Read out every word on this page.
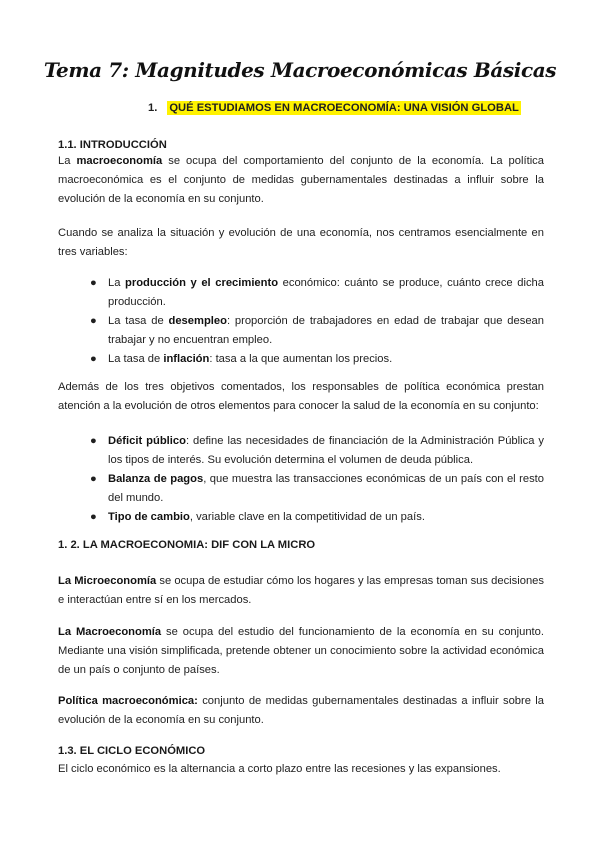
Tema 7: Magnitudes Macroeconómicas Básicas
1. QUÉ ESTUDIAMOS EN MACROECONOMÍA: UNA VISIÓN GLOBAL
1.1. INTRODUCCIÓN
La macroeconomía se ocupa del comportamiento del conjunto de la economía. La política macroeconómica es el conjunto de medidas gubernamentales destinadas a influir sobre la evolución de la economía en su conjunto.
Cuando se analiza la situación y evolución de una economía, nos centramos esencialmente en tres variables:
● La producción y el crecimiento económico: cuánto se produce, cuánto crece dicha producción.
● La tasa de desempleo: proporción de trabajadores en edad de trabajar que desean trabajar y no encuentran empleo.
● La tasa de inflación: tasa a la que aumentan los precios.
Además de los tres objetivos comentados, los responsables de política económica prestan atención a la evolución de otros elementos para conocer la salud de la economía en su conjunto:
● Déficit público: define las necesidades de financiación de la Administración Pública y los tipos de interés. Su evolución determina el volumen de deuda pública.
● Balanza de pagos, que muestra las transacciones económicas de un país con el resto del mundo.
● Tipo de cambio, variable clave en la competitividad de un país.
1. 2. LA MACROECONOMIA: DIF CON LA MICRO
La Microeconomía se ocupa de estudiar cómo los hogares y las empresas toman sus decisiones e interactúan entre sí en los mercados.
La Macroeconomía se ocupa del estudio del funcionamiento de la economía en su conjunto. Mediante una visión simplificada, pretende obtener un conocimiento sobre la actividad económica de un país o conjunto de países.
Política macroeconómica: conjunto de medidas gubernamentales destinadas a influir sobre la evolución de la economía en su conjunto.
1.3. EL CICLO ECONÓMICO
El ciclo económico es la alternancia a corto plazo entre las recesiones y las expansiones.
